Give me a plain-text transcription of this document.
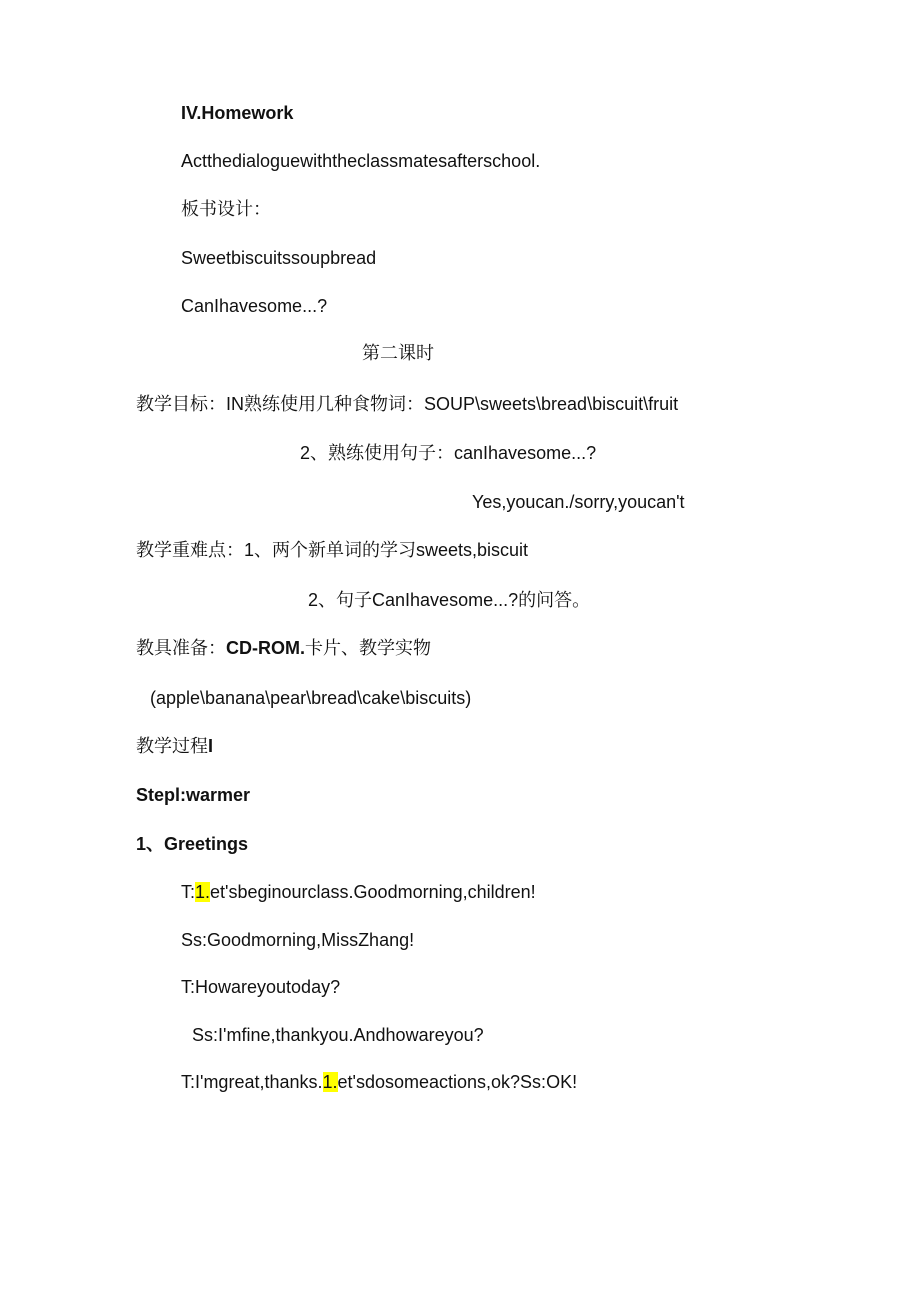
IV.Homework
Actthedialoguewiththeclassmatesafterschool.
板书设计：
Sweetbiscuitssoupbread
CanIhavesome...?
第二课时
教学目标：IN熟练使用几种食物词：SOUP\sweets\bread\biscuit\fruit
2、熟练使用句子：canIhavesome...?
Yes,youcan./sorry,youcan't
教学重难点：1、两个新单词的学习sweets,biscuit
2、句子CanIhavesome...?的问答。
教具准备：CD-ROM.卡片、教学实物
(apple\banana\pear\bread\cake\biscuits)
教学过程I
Stepl:warmer
1、Greetings
T:1.et'sbeginourclass.Goodmorning,children!
Ss:Goodmorning,MissZhang!
T:Howareyoutoday?
Ss:I'mfine,thankyou.Andhowareyou?
T:I'mgreat,thanks.1.et'sdosomeactions,ok?Ss:OK!
